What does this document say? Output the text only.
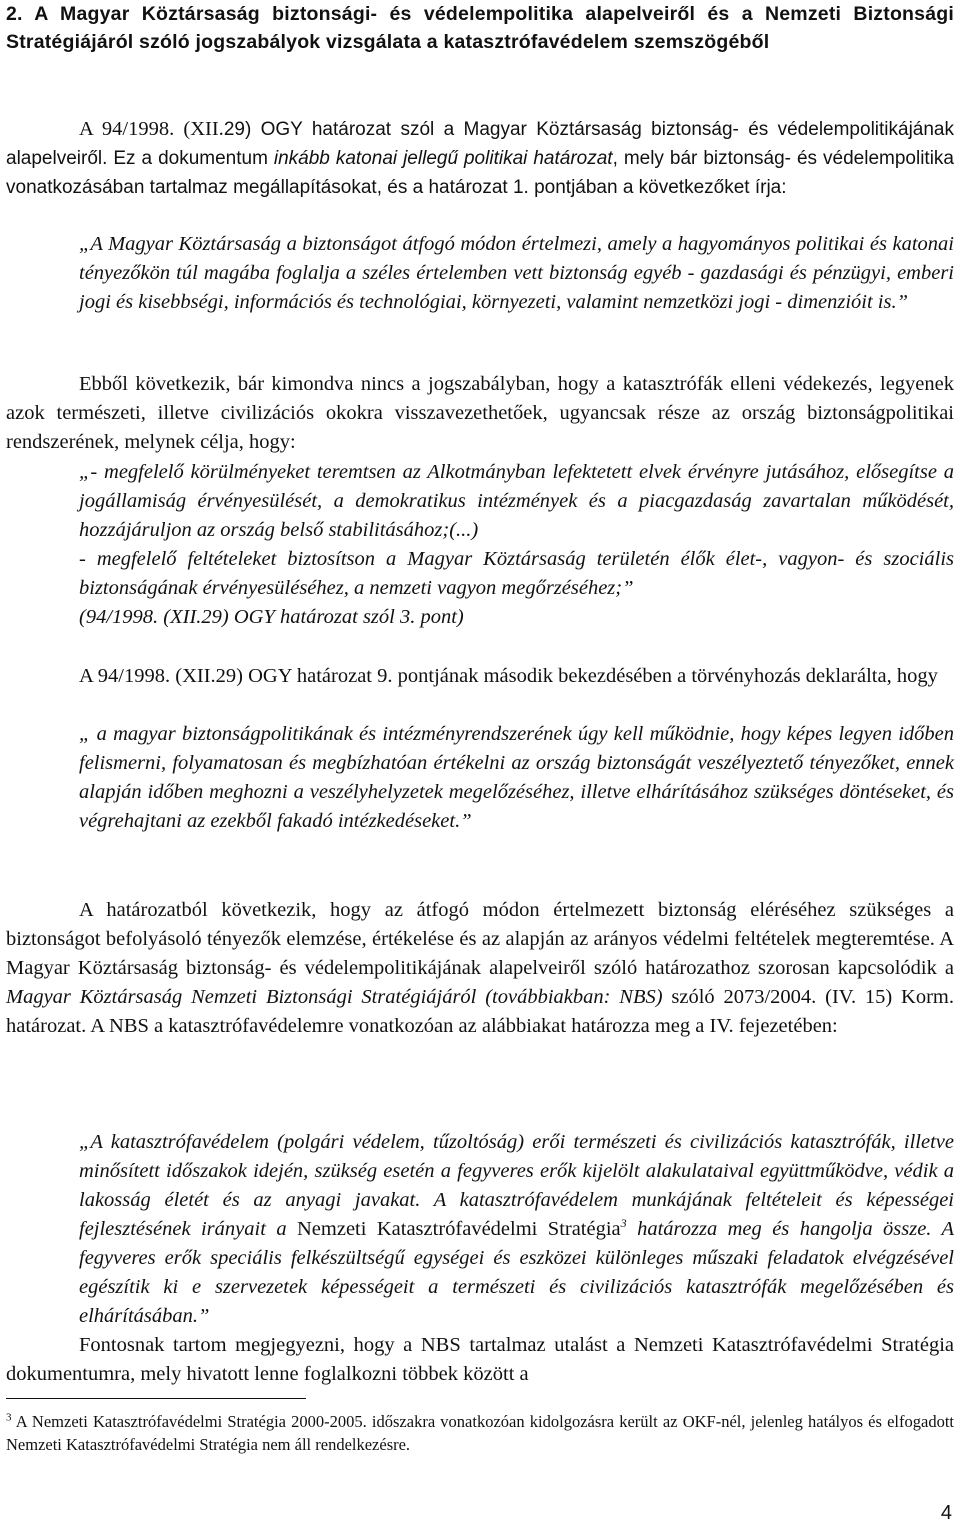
2. A Magyar Köztársaság biztonsági- és védelempolitika alapelveiről és a Nemzeti Biztonsági Stratégiájáról szóló jogszabályok vizsgálata a katasztrófavédelem szemszögéből

A 94/1998. (XII.29) OGY határozat szól a Magyar Köztársaság biztonság- és védelempolitikájának alapelveiről. Ez a dokumentum inkább katonai jellegű politikai határozat, mely bár biztonság- és védelempolitika vonatkozásában tartalmaz megállapításokat, és a határozat 1. pontjában a következőket írja:

„A Magyar Köztársaság a biztonságot átfogó módon értelmezi, amely a hagyományos politikai és katonai tényezőkön túl magába foglalja a széles értelemben vett biztonság egyéb - gazdasági és pénzügyi, emberi jogi és kisebbségi, információs és technológiai, környezeti, valamint nemzetközi jogi - dimenzióit is.”

Ebből következik, bár kimondva nincs a jogszabályban, hogy a katasztrófák elleni védekezés, legyenek azok természeti, illetve civilizációs okokra visszavezethetőek, ugyancsak része az ország biztonságpolitikai rendszerének, melynek célja, hogy:

„- megfelelő körülményeket teremtsen az Alkotmányban lefektetett elvek érvényre jutásához, elősegítse a jogállamiság érvényesülését, a demokratikus intézmények és a piacgazdaság zavartalan működését, hozzájáruljon az ország belső stabilitásához;(...)
- megfelelő feltételeket biztosítson a Magyar Köztársaság területén élők élet-, vagyon- és szociális biztonságának érvényesüléséhez, a nemzeti vagyon megőrzéséhez;”
(94/1998. (XII.29) OGY határozat szól 3. pont)

A 94/1998. (XII.29) OGY határozat 9. pontjának második bekezdésében a törvényhozás deklarálta, hogy

„ a magyar biztonságpolitikának és intézményrendszerének úgy kell működnie, hogy képes legyen időben felismerni, folyamatosan és megbízhatóan értékelni az ország biztonságát veszélyeztető tényezőket, ennek alapján időben meghozni a veszélyhelyzetek megelőzéséhez, illetve elhárításához szükséges döntéseket, és végrehajtani az ezekből fakadó intézkedéseket.”

A határozatból következik, hogy az átfogó módon értelmezett biztonság eléréséhez szükséges a biztonságot befolyásoló tényezők elemzése, értékelése és az alapján az arányos védelmi feltételek megteremtése. A Magyar Köztársaság biztonság- és védelempolitikájának alapelveiről szóló határozathoz szorosan kapcsolódik a Magyar Köztársaság Nemzeti Biztonsági Stratégiájáról (továbbiakban: NBS) szóló 2073/2004. (IV. 15) Korm. határozat. A NBS a katasztrófavédelemre vonatkozóan az alábbiakat határozza meg a IV. fejezetében:

„A katasztrófavédelem (polgári védelem, tűzoltóság) erői természeti és civilizációs katasztrófák, illetve minősített időszakok idején, szükség esetén a fegyveres erők kijelölt alakulataival együttműködve, védik a lakosság életét és az anyagi javakat. A katasztrófavédelem munkájának feltételeit és képességei fejlesztésének irányait a Nemzeti Katasztrófavédelmi Stratégia$^3$ határozza meg és hangolja össze. A fegyveres erők speciális felkészültségű egységei és eszközei különleges műszaki feladatok elvégzésével egészítik ki e szervezetek képességeit a természeti és civilizációs katasztrófák megelőzésében és elhárításában.”

Fontosnak tartom megjegyezni, hogy a NBS tartalmaz utalást a Nemzeti Katasztrófavédelmi Stratégia dokumentumra, mely hivatott lenne foglalkozni többek között a

$^3$ A Nemzeti Katasztrófavédelmi Stratégia 2000-2005. időszakra vonatkozóan kidolgozásra került az OKF-nél, jelenleg hatályos és elfogadott Nemzeti Katasztrófavédelmi Stratégia nem áll rendelkezésre.

4
